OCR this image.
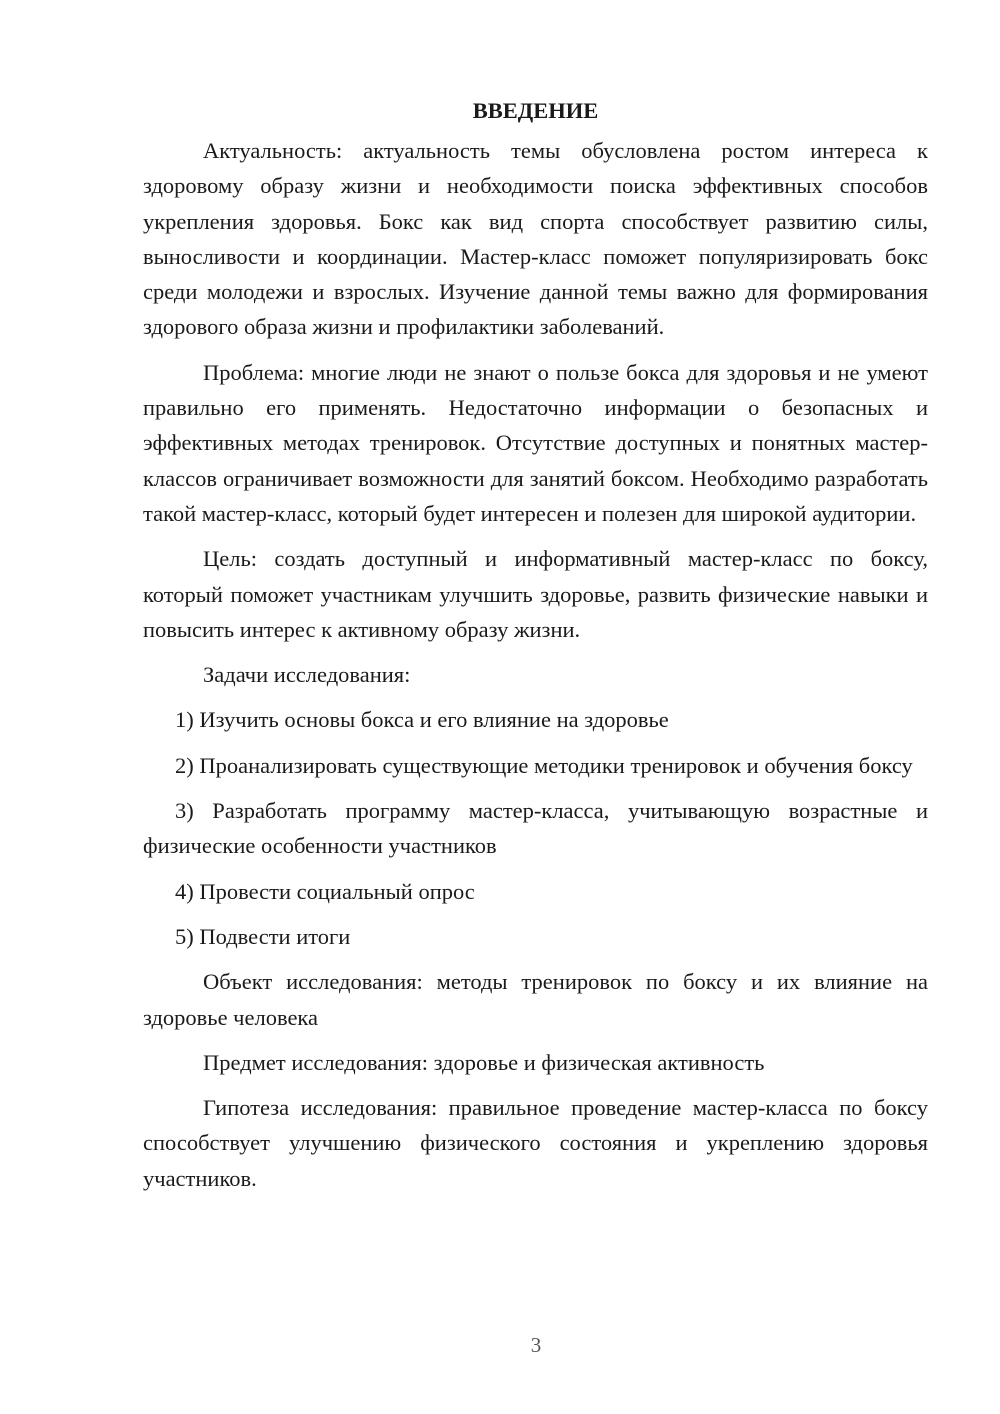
ВВЕДЕНИЕ

Актуальность: актуальность темы обусловлена ростом интереса к здоровому образу жизни и необходимости поиска эффективных способов укрепления здоровья. Бокс как вид спорта способствует развитию силы, выносливости и координации. Мастер-класс поможет популяризировать бокс среди молодежи и взрослых. Изучение данной темы важно для формирования здорового образа жизни и профилактики заболеваний.

Проблема: многие люди не знают о пользе бокса для здоровья и не умеют правильно его применять. Недостаточно информации о безопасных и эффективных методах тренировок. Отсутствие доступных и понятных мастер-классов ограничивает возможности для занятий боксом. Необходимо разработать такой мастер-класс, который будет интересен и полезен для широкой аудитории.

Цель: создать доступный и информативный мастер-класс по боксу, который поможет участникам улучшить здоровье, развить физические навыки и повысить интерес к активному образу жизни.

Задачи исследования:

1) Изучить основы бокса и его влияние на здоровье

2) Проанализировать существующие методики тренировок и обучения боксу

3) Разработать программу мастер-класса, учитывающую возрастные и физические особенности участников

4) Провести социальный опрос

5) Подвести итоги

Объект исследования: методы тренировок по боксу и их влияние на здоровье человека

Предмет исследования: здоровье и физическая активность

Гипотеза исследования: правильное проведение мастер-класса по боксу способствует улучшению физического состояния и укреплению здоровья участников.

3
